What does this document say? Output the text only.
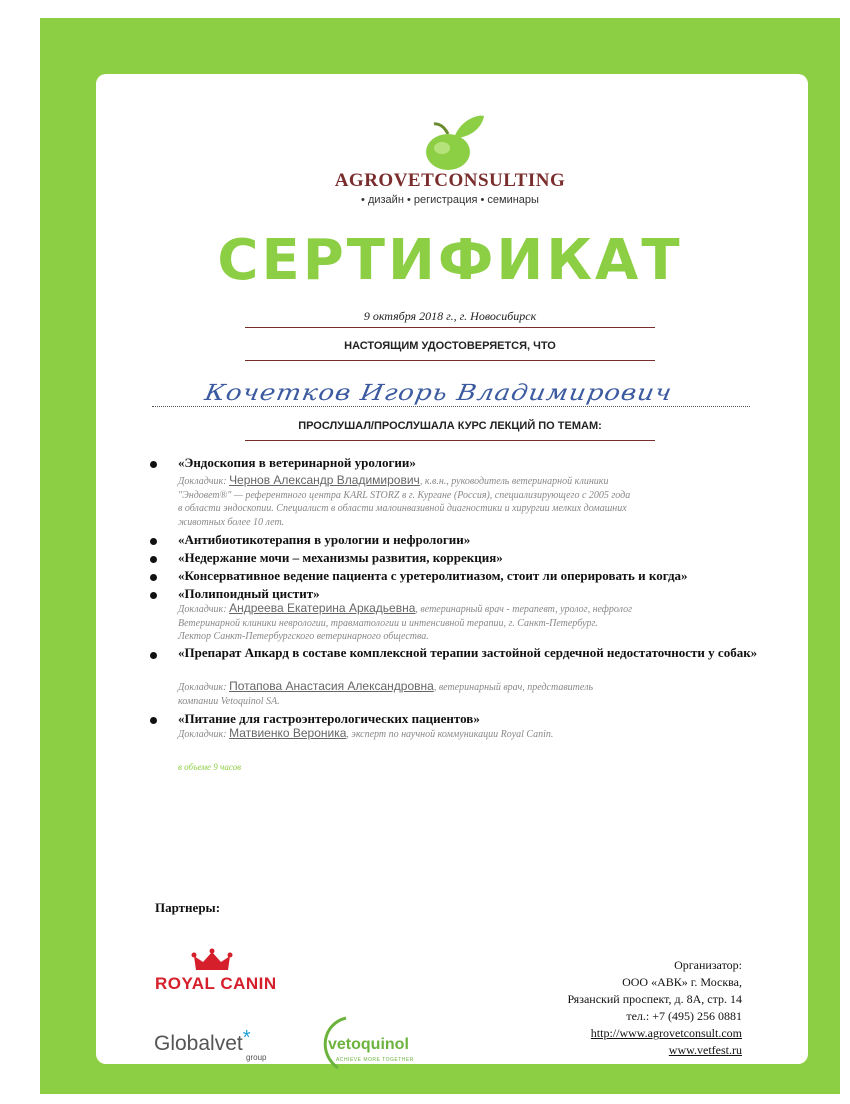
AGROVETCONSULTING
• дизайн • регистрация • семинары
СЕРТИФИКАТ
9 октября 2018 г., г. Новосибирск
НАСТОЯЩИМ УДОСТОВЕРЯЕТСЯ, ЧТО
Кочетков Игорь Владимирович
ПРОСЛУШАЛ/ПРОСЛУШАЛА КУРС ЛЕКЦИЙ ПО ТЕМАМ:
«Эндоскопия в ветеринарной урологии»
Докладчик: Чернов Александр Владимирович, к.в.н., руководитель ветеринарной клиники
"Эндовет®" — референтного центра KARL STORZ в г. Кургане (Россия), специализирующего с 2005 года
в области эндоскопии. Специалист в области малоинвазивной диагностики и хирургии мелких домашних
животных более 10 лет.
«Антибиотикотерапия в урологии и нефрологии»
«Недержание мочи – механизмы развития, коррекция»
«Консервативное ведение пациента с уретеролитиазом, стоит ли оперировать и когда»
«Полипоидный цистит»
Докладчик: Андреева Екатерина Аркадьевна, ветеринарный врач - терапевт, уролог, нефролог
Ветеринарной клиники неврологии, травматологии и интенсивной терапии, г. Санкт-Петербург.
Лектор Санкт-Петербургского ветеринарного общества.
«Препарат Апкард в составе комплексной терапии застойной сердечной недостаточности у собак»
Докладчик: Потапова Анастасия Александровна, ветеринарный врач, представитель
компании Vetoquinol SA.
«Питание для гастроэнтерологических пациентов»
Докладчик: Матвиенко Вероника, эксперт по научной коммуникации Royal Canin.
в объеме 9 часов
Партнеры:
ROYAL CANIN
Globalvet*
group
vetoquinol
ACHIEVE MORE TOGETHER
Организатор:
ООО «АВК» г. Москва,
Рязанский проспект, д. 8А, стр. 14
тел.: +7 (495) 256 0881
http://www.agrovetconsult.com
www.vetfest.ru
